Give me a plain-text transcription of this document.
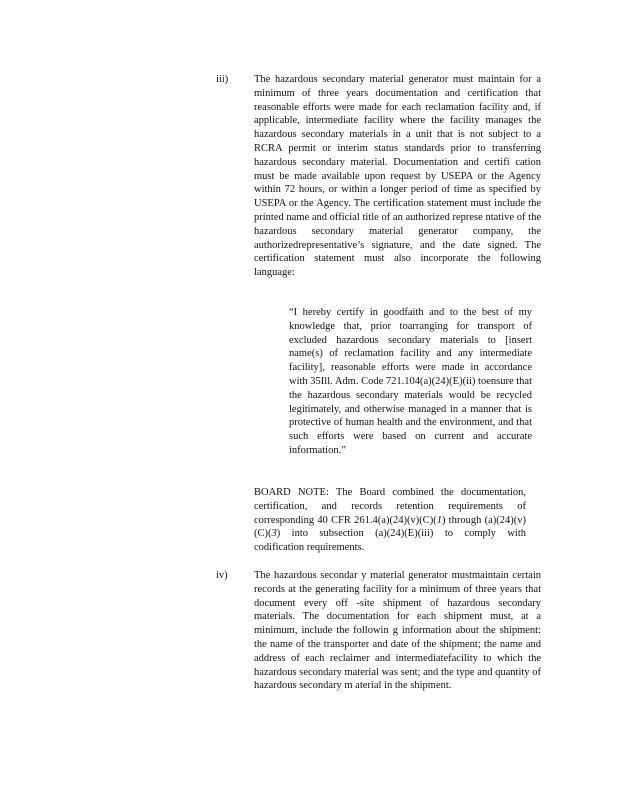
iii) The hazardous secondary material generator must maintain for a minimum of three years documentation and certification that reasonable efforts were made for each reclamation facility and, if applicable, intermediate facility where the facility manages the hazardous secondary materials in a unit that is not subject to a RCRA permit or interim status standards prior to transferring hazardous secondary material. Documentation and certifi cation must be made available upon request by USEPA or the Agency within 72 hours, or within a longer period of time as specified by USEPA or the Agency. The certification statement must include the printed name and official title of an authorized represe ntative of the hazardous secondary material generator company, the authorizedrepresentative’s signature, and the date signed. The certification statement must also incorporate the following language:
“I hereby certify in goodfaith and to the best of my knowledge that, prior toarranging for transport of excluded hazardous secondary materials to [insert name(s) of reclamation facility and any intermediate facility], reasonable efforts were made in accordance with 35Ill. Adm. Code 721.104(a)(24)(E)(ii) toensure that the hazardous secondary materials would be recycled legitimately, and otherwise managed in a manner that is protective of human health and the environment, and that such efforts were based on current and accurate information.”
BOARD NOTE: The Board combined the documentation, certification, and records retention requirements of corresponding 40 CFR 261.4(a)(24)(v)(C)(1) through (a)(24)(v)(C)(3) into subsection (a)(24)(E)(iii) to comply with codification requirements.
iv)	The hazardous secondar y material generator mustmaintain certain records at the generating facility for a minimum of three years that document every off -site shipment of hazardous secondary materials. The documentation for each shipment must, at a minimum, include the followin g information about the shipment: the name of the transporter and date of the shipment; the name and address of each reclaimer and intermediatefacility to which the hazardous secondary material was sent; and the type and quantity of hazardous secondary m aterial in the shipment.
